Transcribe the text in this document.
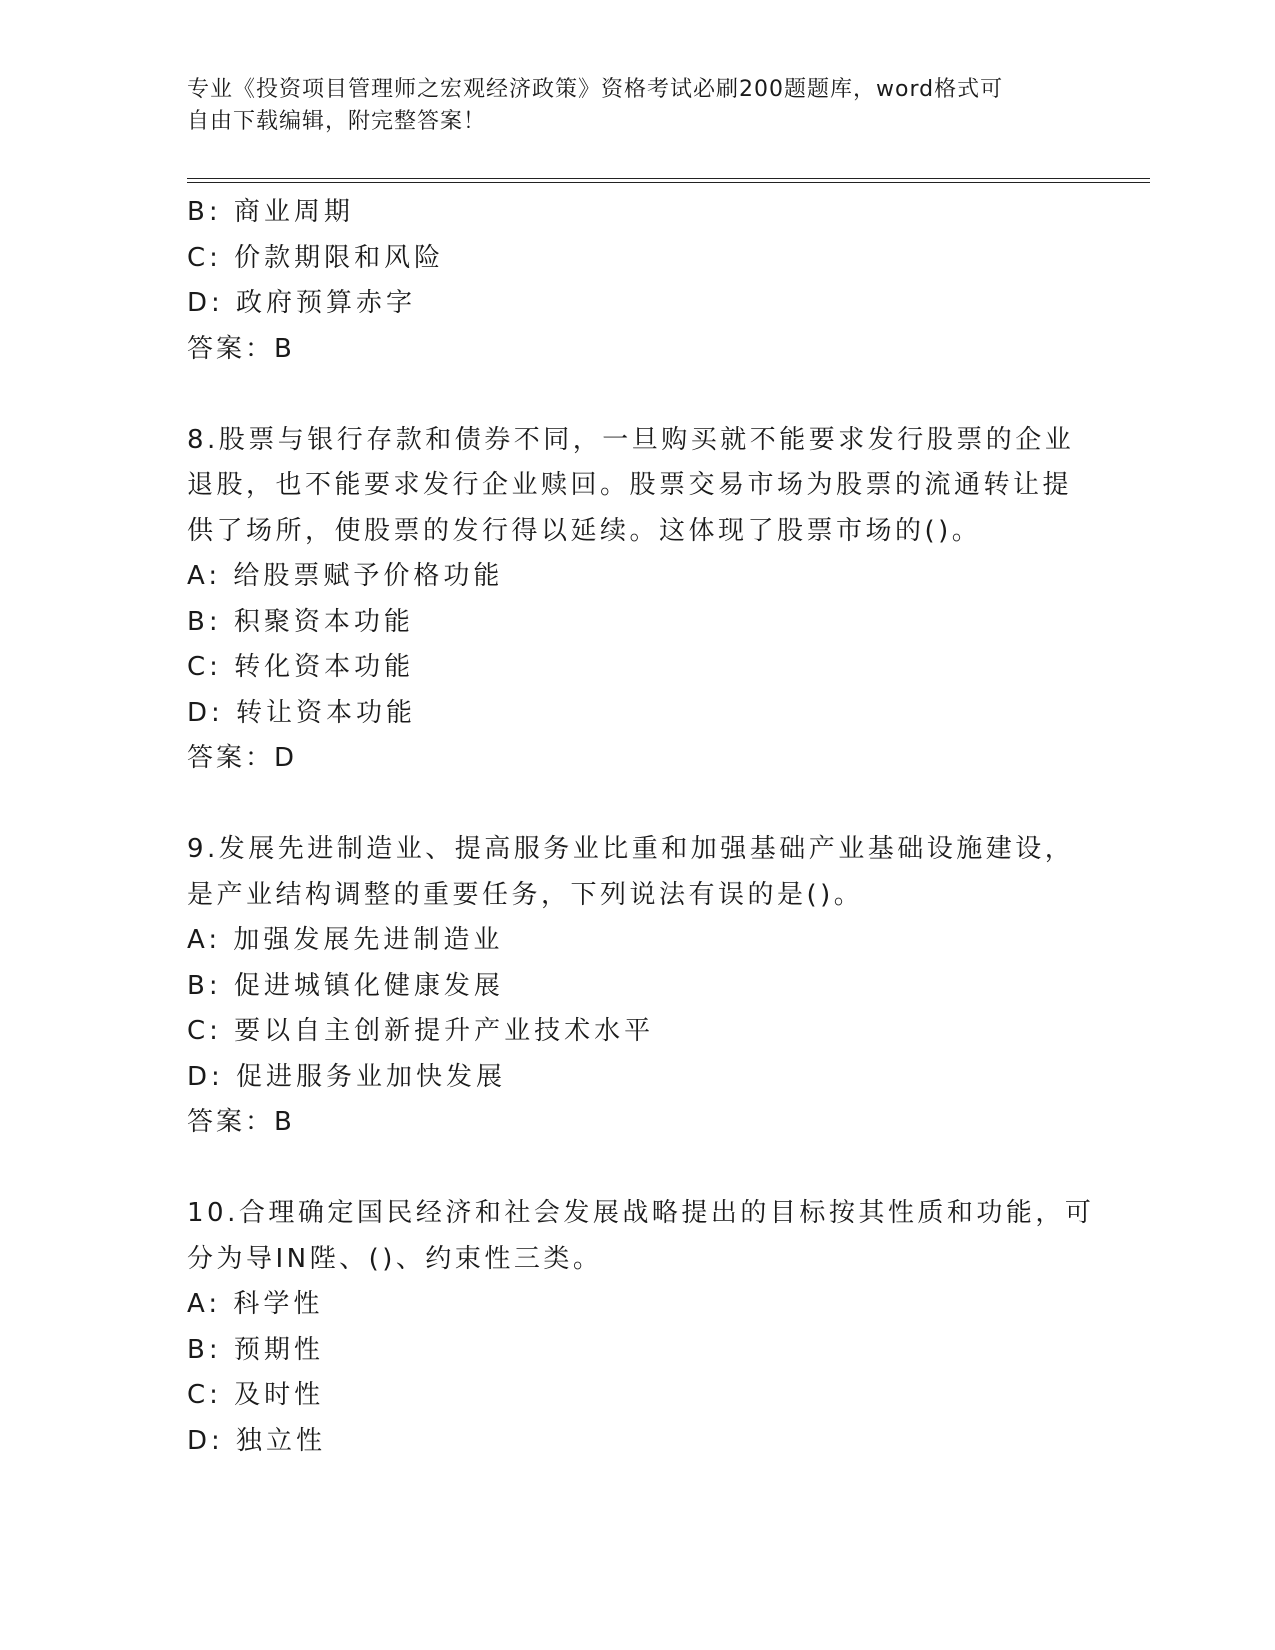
专业《投资项目管理师之宏观经济政策》资格考试必刷200题题库，word格式可
自由下载编辑，附完整答案！
B: 商业周期
C: 价款期限和风险
D: 政府预算赤字
答案：B
8.股票与银行存款和债券不同，一旦购买就不能要求发行股票的企业
退股，也不能要求发行企业赎回。股票交易市场为股票的流通转让提
供了场所，使股票的发行得以延续。这体现了股票市场的()。
A: 给股票赋予价格功能
B: 积聚资本功能
C: 转化资本功能
D: 转让资本功能
答案：D
9.发展先进制造业、提高服务业比重和加强基础产业基础设施建设，
是产业结构调整的重要任务，下列说法有误的是()。
A: 加强发展先进制造业
B: 促进城镇化健康发展
C: 要以自主创新提升产业技术水平
D: 促进服务业加快发展
答案：B
10.合理确定国民经济和社会发展战略提出的目标按其性质和功能，可
分为导IN陛、()、约束性三类。
A: 科学性
B: 预期性
C: 及时性
D: 独立性
